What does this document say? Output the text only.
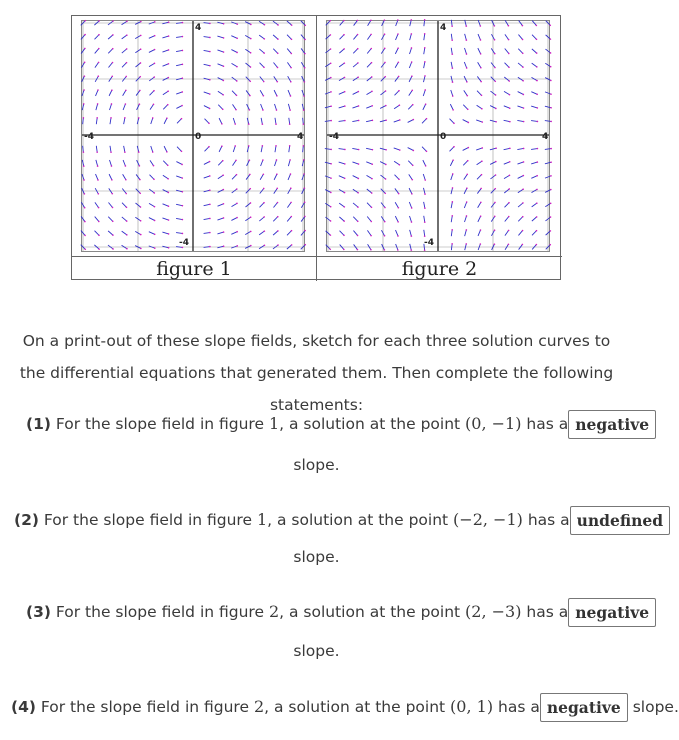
4
-4
-4	4
0
figure 1
4
-4
-4	4
0
figure 2
On a print-out of these slope fields, sketch for each three solution curves to the differential equations that generated them. Then complete the following statements:
(1) For the slope field in figure 1, a solution at the point (0, −1) has a negative
slope.
(2) For the slope field in figure 1, a solution at the point (−2, −1) has a undefined
slope.
(3) For the slope field in figure 2, a solution at the point (2, −3) has a negative
slope.
(4) For the slope field in figure 2, a solution at the point (0, 1) has a negative slope.
